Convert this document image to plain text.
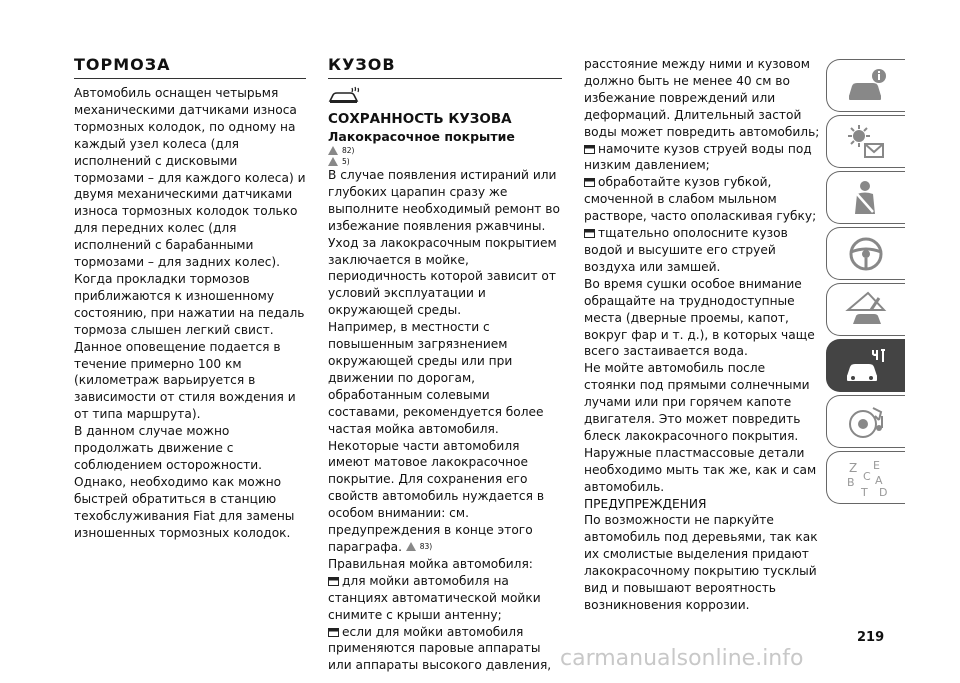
ТОРМОЗА

Автомобиль оснащен четырьмя механическими датчиками износа тормозных колодок, по одному на каждый узел колеса (для исполнений с дисковыми тормозами – для каждого колеса) и двумя механическими датчиками износа тормозных колодок только для передних колес (для исполнений с барабанными тормозами – для задних колес).

Когда прокладки тормозов приближаются к изношенному состоянию, при нажатии на педаль тормоза слышен легкий свист. Данное оповещение подается в течение примерно 100 км (километраж варьируется в зависимости от стиля вождения и от типа маршрута).

В данном случае можно продолжать движение с соблюдением осторожности.

Однако, необходимо как можно быстрей обратиться в станцию техобслуживания Fiat для замены изношенных тормозных колодок.

КУЗОВ
СОХРАННОСТЬ КУЗОВА
Лакокрасочное покрытие
82)
5)

В случае появления истираний или глубоких царапин сразу же выполните необходимый ремонт во избежание появления ржавчины.

Уход за лакокрасочным покрытием заключается в мойке, периодичность которой зависит от условий эксплуатации и окружающей среды.

Например, в местности с повышенным загрязнением окружающей среды или при движении по дорогам, обработанным солевыми составами, рекомендуется более частая мойка автомобиля.

Некоторые части автомобиля имеют матовое лакокрасочное покрытие. Для сохранения его свойств автомобиль нуждается в особом внимании: см. предупреждения в конце этого параграфа. 83)

Правильная мойка автомобиля:

для мойки автомобиля на станциях автоматической мойки снимите с крыши антенну;

если для мойки автомобиля применяются паровые аппараты или аппараты высокого давления,

расстояние между ними и кузовом должно быть не менее 40 см во избежание повреждений или деформаций. Длительный застой воды может повредить автомобиль;

намочите кузов струей воды под низким давлением;

обработайте кузов губкой, смоченной в слабом мыльном растворе, часто ополаскивая губку;

тщательно ополосните кузов водой и высушите его струей воздуха или замшей.

Во время сушки особое внимание обращайте на труднодоступные места (дверные проемы, капот, вокруг фар и т. д.), в которых чаще всего застаивается вода.

Не мойте автомобиль после стоянки под прямыми солнечными лучами или при горячем капоте двигателя. Это может повредить блеск лакокрасочного покрытия.

Наружные пластмассовые детали необходимо мыть так же, как и сам автомобиль.

ПРЕДУПРЕЖДЕНИЯ

По возможности не паркуйте автомобиль под деревьями, так как их смолистые выделения придают лакокрасочному покрытию тусклый вид и повышают вероятность возникновения коррозии.

Z E
B C A
D
T
219
carmanualsonline.info
